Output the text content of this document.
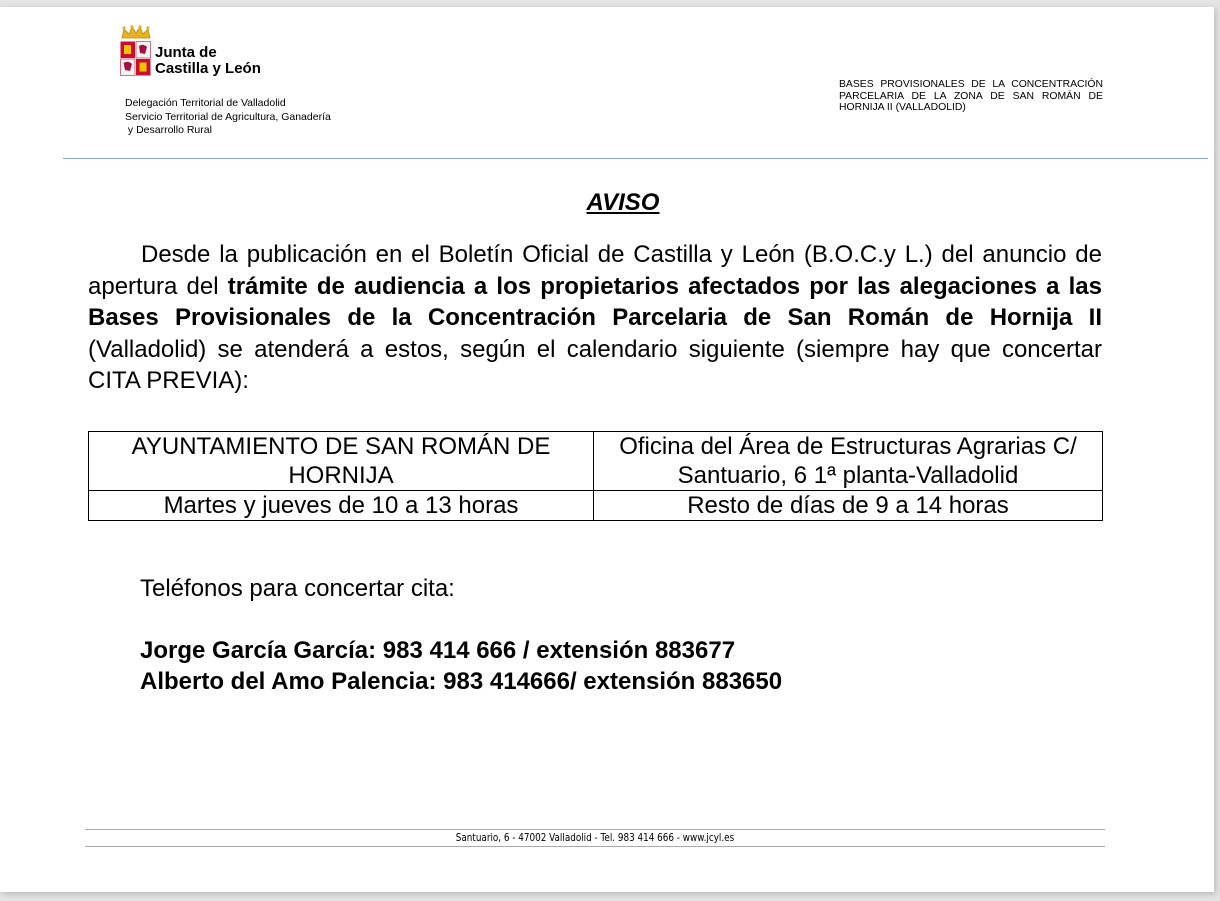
Junta de
Castilla y León
Delegación Territorial de Valladolid
Servicio Territorial de Agricultura, Ganadería
y Desarrollo Rural
BASES PROVISIONALES DE LA CONCENTRACIÓN PARCELARIA DE LA ZONA DE SAN ROMÁN DE HORNIJA II (VALLADOLID)
AVISO

Desde la publicación en el Boletín Oficial de Castilla y León (B.O.C.y L.) del anuncio de apertura del trámite de audiencia a los propietarios afectados por las alegaciones a las Bases Provisionales de la Concentración Parcelaria de San Román de Hornija II (Valladolid) se atenderá a estos, según el calendario siguiente (siempre hay que concertar CITA PREVIA):

AYUNTAMIENTO DE SAN ROMÁN DE HORNIJA	Oficina del Área de Estructuras Agrarias C/ Santuario, 6 1ª planta-Valladolid
Martes y jueves de 10 a 13 horas	Resto de días de 9 a 14 horas
Teléfonos para concertar cita:
Jorge García García: 983 414 666 / extensión 883677
Alberto del Amo Palencia: 983 414666/ extensión 883650
Santuario, 6 - 47002 Valladolid - Tel. 983 414 666 - www.jcyl.es
